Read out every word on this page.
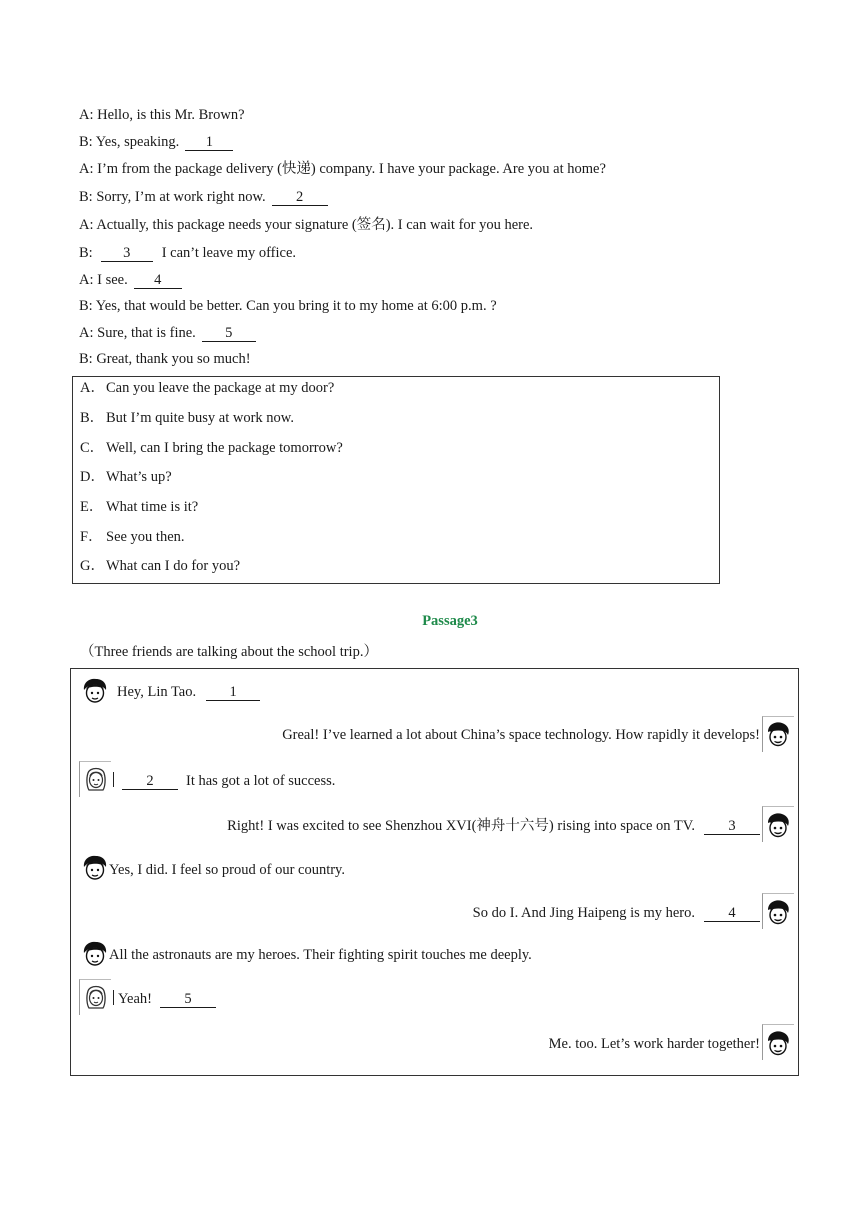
A: Hello, is this Mr. Brown?
B: Yes, speaking. 1
A: I’m from the package delivery (快递) company. I have your package. Are you at home?
B: Sorry, I’m at work right now. 2
A: Actually, this package needs your signature (签名). I can wait for you here.
B: 3 I can’t leave my office.
A: I see. 4
B: Yes, that would be better. Can you bring it to my home at 6:00 p.m. ?
A: Sure, that is fine. 5
B: Great, thank you so much!
A．Can you leave the package at my door?
B． But I’m quite busy at work now.
C． Well, can I bring the package tomorrow?
D．What’s up?
E． What time is it?
F． See you then.
G．What can I do for you?
Passage3
（Three friends are talking about the school trip.）
Hey, Lin Tao. 1
Greal! I’ve learned a lot about China’s space technology. How rapidly it develops!
2 It has got a lot of success.
Right! I was excited to see Shenzhou XVI(神舟十六号) rising into space on TV. 3
Yes, I did. I feel so proud of our country.
So do I. And Jing Haipeng is my hero. 4
All the astronauts are my heroes. Their fighting spirit touches me deeply.
Yeah! 5
Me. too. Let’s work harder together!
